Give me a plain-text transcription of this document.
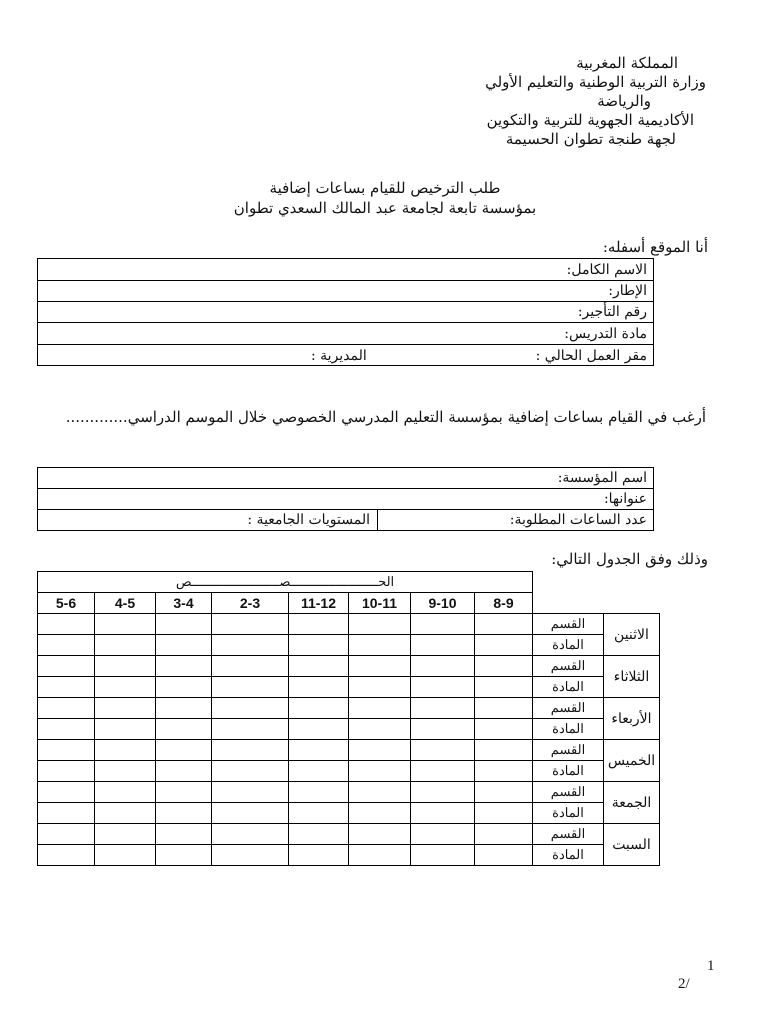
المملكة المغربية
وزارة التربية الوطنية والتعليم الأولي
والرياضة
الأكاديمية الجهوية للتربية والتكوين
لجهة طنجة تطوان الحسيمة
طلب الترخيص للقيام بساعات إضافية
بمؤسسة تابعة لجامعة عبد المالك السعدي تطوان
أنا الموقع أسفله:
الاسم الكامل:
الإطار:
رقم التأجير:
مادة التدريس:
مقر العمل الحالي :
المديرية :
أرغب في القيام بساعات إضافية بمؤسسة التعليم المدرسي الخصوصي خلال الموسم الدراسي.............
اسم المؤسسة:
عنوانها:
عدد الساعات المطلوبة:
المستويات الجامعية :
وذلك وفق الجدول التالي:
الحـــــــــــــــــــــــصـــــــــــــــــــــــص									
5-6	4-5	3-4	2-3	11-12	10-11	9-10	8-9		
								القسم	الاثنين
								المادة	
								القسم	الثلاثاء
								المادة	
								القسم	الأربعاء
								المادة	
								القسم	الخميس
								المادة	
								القسم	الجمعة
								المادة	
								القسم	السبت
								المادة	
1
2/
